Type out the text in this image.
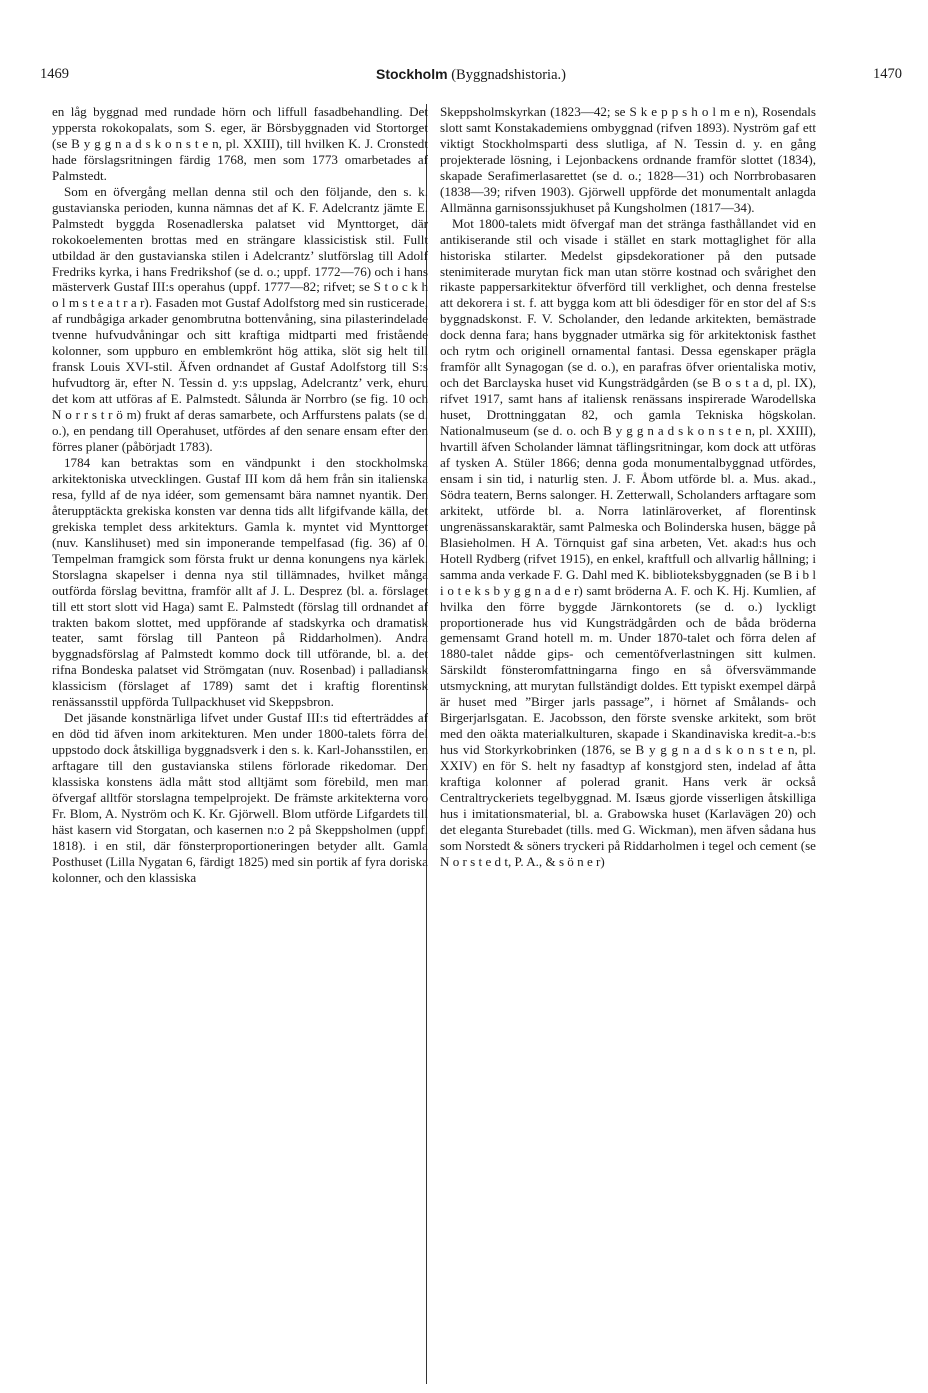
1469	Stockholm (Byggnadshistoria.)	1470

en låg byggnad med rundade hörn och liffull fasadbehandling. Det yppersta rokokopalats, som S. eger, är Börsbyggnaden vid Stortorget (se B y g g n a d s k o n s t e n, pl. XXIII), till hvilken K. J. Cronstedt hade förslagsritningen färdig 1768, men som 1773 omarbetades af Palmstedt.

Som en öfvergång mellan denna stil och den följande, den s. k. gustavianska perioden, kunna nämnas det af K. F. Adelcrantz jämte E. Palmstedt byggda Rosenadlerska palatset vid Mynttorget, där rokokoelementen brottas med en strängare klassicistisk stil. Fullt utbildad är den gustavianska stilen i Adelcrantz’ slutförslag till Adolf Fredriks kyrka, i hans Fredrikshof (se d. o.; uppf. 1772—76) och i hans mästerverk Gustaf III:s operahus (uppf. 1777—82; rifvet; se S t o c k h o l m s t e a t r a r). Fasaden mot Gustaf Adolfstorg med sin rusticerade, af rundbågiga arkader genombrutna bottenvåning, sina pilasterindelade tvenne hufvudvåningar och sitt kraftiga midtparti med fristående kolonner, som uppburo en emblemkrönt hög attika, slöt sig helt till fransk Louis XVI-stil. Äfven ordnandet af Gustaf Adolfstorg till S:s hufvudtorg är, efter N. Tessin d. y:s uppslag, Adelcrantz’ verk, ehuru det kom att utföras af E. Palmstedt. Sålunda är Norrbro (se fig. 10 och N o r r s t r ö m) frukt af deras samarbete, och Arffurstens palats (se d. o.), en pendang till Operahuset, utfördes af den senare ensam efter den förres planer (påbörjadt 1783).

1784 kan betraktas som en vändpunkt i den stockholmska arkitektoniska utvecklingen. Gustaf III kom då hem från sin italienska resa, fylld af de nya idéer, som gemensamt bära namnet nyantik. Den återupptäckta grekiska konsten var denna tids allt lifgifvande källa, det grekiska templet dess arkitekturs. Gamla k. myntet vid Mynttorget (nuv. Kanslihuset) med sin imponerande tempelfasad (fig. 36) af 0. Tempelman framgick som första frukt ur denna konungens nya kärlek. Storslagna skapelser i denna nya stil tillämnades, hvilket många outförda förslag bevittna, framför allt af J. L. Desprez (bl. a. förslaget till ett stort slott vid Haga) samt E. Palmstedt (förslag till ordnandet af trakten bakom slottet, med uppförande af stadskyrka och dramatisk teater, samt förslag till Panteon på Riddarholmen). Andra byggnadsförslag af Palmstedt kommo dock till utförande, bl. a. det rifna Bondeska palatset vid Strömgatan (nuv. Rosenbad) i palladiansk klassicism (förslaget af 1789) samt det i kraftig florentinsk renässansstil uppförda Tullpackhuset vid Skeppsbron.

Det jäsande konstnärliga lifvet under Gustaf III:s tid efterträddes af en död tid äfven inom arkitekturen. Men under 1800-talets förra del uppstodo dock åtskilliga byggnadsverk i den s. k. Karl-Johansstilen, en arftagare till den gustavianska stilens förlorade rikedomar. Den klassiska konstens ädla mått stod alltjämt som förebild, men man öfvergaf alltför storslagna tempelprojekt. De främste arkitekterna voro Fr. Blom, A. Nyström och K. Kr. Gjörwell. Blom utförde Lifgardets till häst kasern vid Storgatan, och kasernen n:o 2 på Skeppsholmen (uppf. 1818). i en stil, där fönsterproportioneringen betyder allt. Gamla Posthuset (Lilla Nygatan 6, färdigt 1825) med sin portik af fyra doriska kolonner, och den klassiska

Skeppsholmskyrkan (1823—42; se S k e p p s h o l m e n), Rosendals slott samt Konstakademiens ombyggnad (rifven 1893). Nyström gaf ett viktigt Stockholmsparti dess slutliga, af N. Tessin d. y. en gång projekterade lösning, i Lejonbackens ordnande framför slottet (1834), skapade Serafimerlasarettet (se d. o.; 1828—31) och Norrbrobasaren (1838—39; rifven 1903). Gjörwell uppförde det monumentalt anlagda Allmänna garnisonssjukhuset på Kungsholmen (1817—34).

Mot 1800-talets midt öfvergaf man det stränga fasthållandet vid en antikiserande stil och visade i stället en stark mottaglighet för alla historiska stilarter. Medelst gipsdekorationer på den putsade stenimiterade murytan fick man utan större kostnad och svårighet den rikaste pappersarkitektur öfverförd till verklighet, och denna frestelse att dekorera i st. f. att bygga kom att bli ödesdiger för en stor del af S:s byggnadskonst. F. V. Scholander, den ledande arkitekten, bemästrade dock denna fara; hans byggnader utmärka sig för arkitektonisk fasthet och rytm och originell ornamental fantasi. Dessa egenskaper prägla framför allt Synagogan (se d. o.), en parafras öfver orientaliska motiv, och det Barclayska huset vid Kungsträdgården (se B o s t a d, pl. IX), rifvet 1917, samt hans af italiensk renässans inspirerade Warodellska huset, Drottninggatan 82, och gamla Tekniska högskolan. Nationalmuseum (se d. o. och B y g g n a d s k o n s t e n, pl. XXIII), hvartill äfven Scholander lämnat täflingsritningar, kom dock att utföras af tysken A. Stüler 1866; denna goda monumentalbyggnad utfördes, ensam i sin tid, i naturlig sten. J. F. Åbom utförde bl. a. Mus. akad., Södra teatern, Berns salonger. H. Zetterwall, Scholanders arftagare som arkitekt, utförde bl. a. Norra latinläroverket, af florentinsk ungrenässanskaraktär, samt Palmeska och Bolinderska husen, bägge på Blasieholmen. H A. Törnquist gaf sina arbeten, Vet. akad:s hus och Hotell Rydberg (rifvet 1915), en enkel, kraftfull och allvarlig hållning; i samma anda verkade F. G. Dahl med K. biblioteksbyggnaden (se B i b l i o t e k s b y g g n a d e r) samt bröderna A. F. och K. Hj. Kumlien, af hvilka den förre byggde Järnkontorets (se d. o.) lyckligt proportionerade hus vid Kungsträdgården och de båda bröderna gemensamt Grand hotell m. m. Under 1870-talet och förra delen af 1880-talet nådde gips- och cementöfverlastningen sitt kulmen. Särskildt fönsteromfattningarna fingo en så öfversvämmande utsmyckning, att murytan fullständigt doldes. Ett typiskt exempel därpå är huset med ”Birger jarls passage”, i hörnet af Smålands- och Birgerjarlsgatan. E. Jacobsson, den förste svenske arkitekt, som bröt med den oäkta materialkulturen, skapade i Skandinaviska kredit-a.-b:s hus vid Storkyrkobrinken (1876, se B y g g n a d s k o n s t e n, pl. XXIV) en för S. helt ny fasadtyp af konstgjord sten, indelad af åtta kraftiga kolonner af polerad granit. Hans verk är också Centraltryckeriets tegelbyggnad. M. Isæus gjorde visserligen åtskilliga hus i imitationsmaterial, bl. a. Grabowska huset (Karlavägen 20) och det eleganta Sturebadet (tills. med G. Wickman), men äfven sådana hus som Norstedt & söners tryckeri på Riddarholmen i tegel och cement (se N o r s t e d t, P. A., & s ö n e r)
